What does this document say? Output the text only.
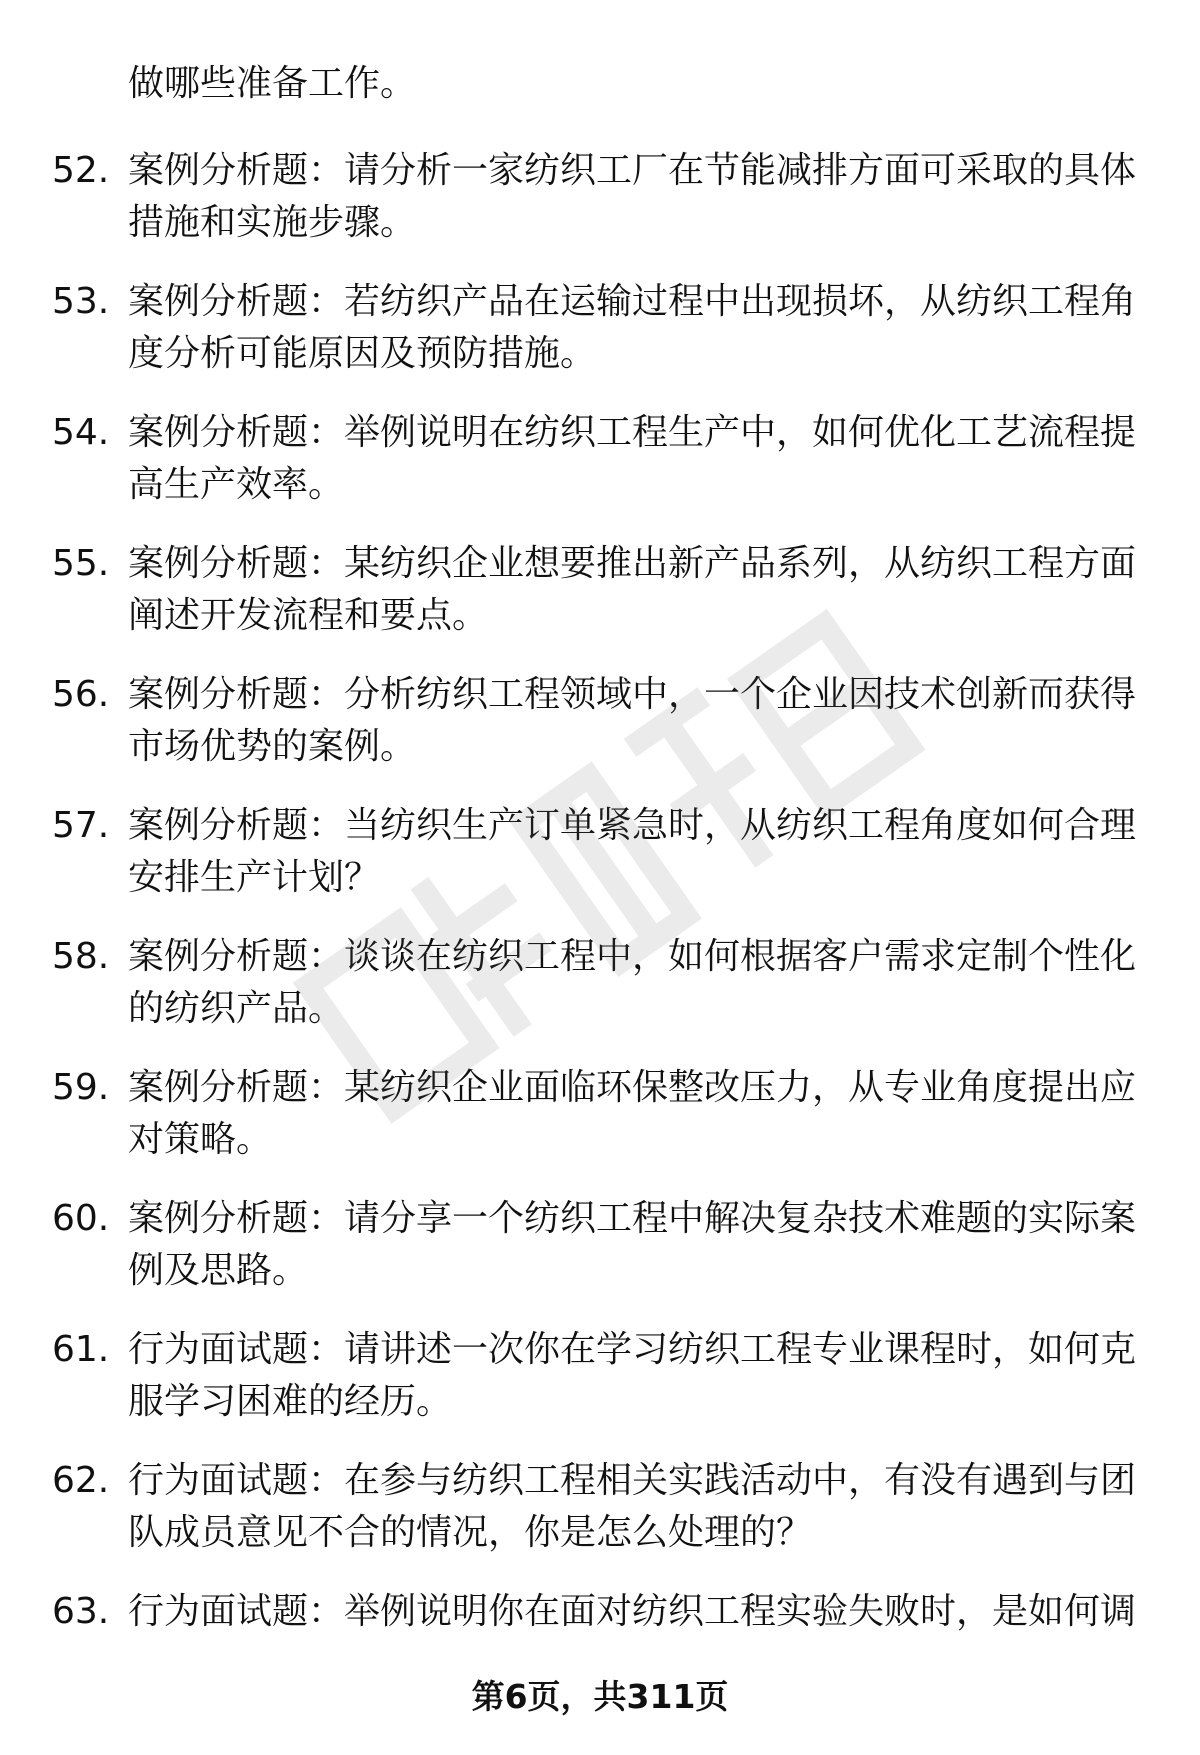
做哪些准备工作。
52. 案例分析题：请分析一家纺织工厂在节能减排方面可采取的具体措施和实施步骤。
53. 案例分析题：若纺织产品在运输过程中出现损坏，从纺织工程角度分析可能原因及预防措施。
54. 案例分析题：举例说明在纺织工程生产中，如何优化工艺流程提高生产效率。
55. 案例分析题：某纺织企业想要推出新产品系列，从纺织工程方面阐述开发流程和要点。
56. 案例分析题：分析纺织工程领域中，一个企业因技术创新而获得市场优势的案例。
57. 案例分析题：当纺织生产订单紧急时，从纺织工程角度如何合理安排生产计划？
58. 案例分析题：谈谈在纺织工程中，如何根据客户需求定制个性化的纺织产品。
59. 案例分析题：某纺织企业面临环保整改压力，从专业角度提出应对策略。
60. 案例分析题：请分享一个纺织工程中解决复杂技术难题的实际案例及思路。
61. 行为面试题：请讲述一次你在学习纺织工程专业课程时，如何克服学习困难的经历。
62. 行为面试题：在参与纺织工程相关实践活动中，有没有遇到与团队成员意见不合的情况，你是怎么处理的？
63. 行为面试题：举例说明你在面对纺织工程实验失败时，是如何调
第6页，共311页
